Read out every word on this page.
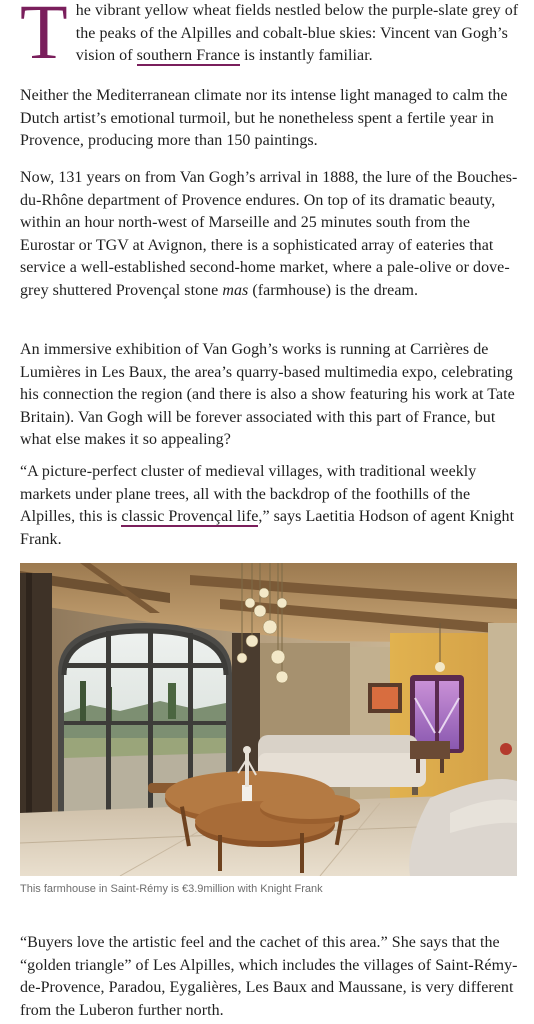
The vibrant yellow wheat fields nestled below the purple-slate grey of the peaks of the Alpilles and cobalt-blue skies: Vincent van Gogh’s vision of southern France is instantly familiar.

Neither the Mediterranean climate nor its intense light managed to calm the Dutch artist’s emotional turmoil, but he nonetheless spent a fertile year in Provence, producing more than 150 paintings.

Now, 131 years on from Van Gogh’s arrival in 1888, the lure of the Bouches-du-Rhône department of Provence endures. On top of its dramatic beauty, within an hour north-west of Marseille and 25 minutes south from the Eurostar or TGV at Avignon, there is a sophisticated array of eateries that service a well-established second-home market, where a pale-olive or dove-grey shuttered Provençal stone mas (farmhouse) is the dream.

An immersive exhibition of Van Gogh’s works is running at Carrières de Lumières in Les Baux, the area’s quarry-based multimedia expo, celebrating his connection the region (and there is also a show featuring his work at Tate Britain). Van Gogh will be forever associated with this part of France, but what else makes it so appealing?

“A picture-perfect cluster of medieval villages, with traditional weekly markets under plane trees, all with the backdrop of the foothills of the Alpilles, this is classic Provençal life,” says Laetitia Hodson of agent Knight Frank.

“Buyers love the artistic feel and the cachet of this area.” She says that the “golden triangle” of Les Alpilles, which includes the villages of Saint-Rémy-de-Provence, Paradou, Eygalières, Les Baux and Maussane, is very different from the Luberon further north.

This farmhouse in Saint-Rémy is €3.9million with Knight Frank
